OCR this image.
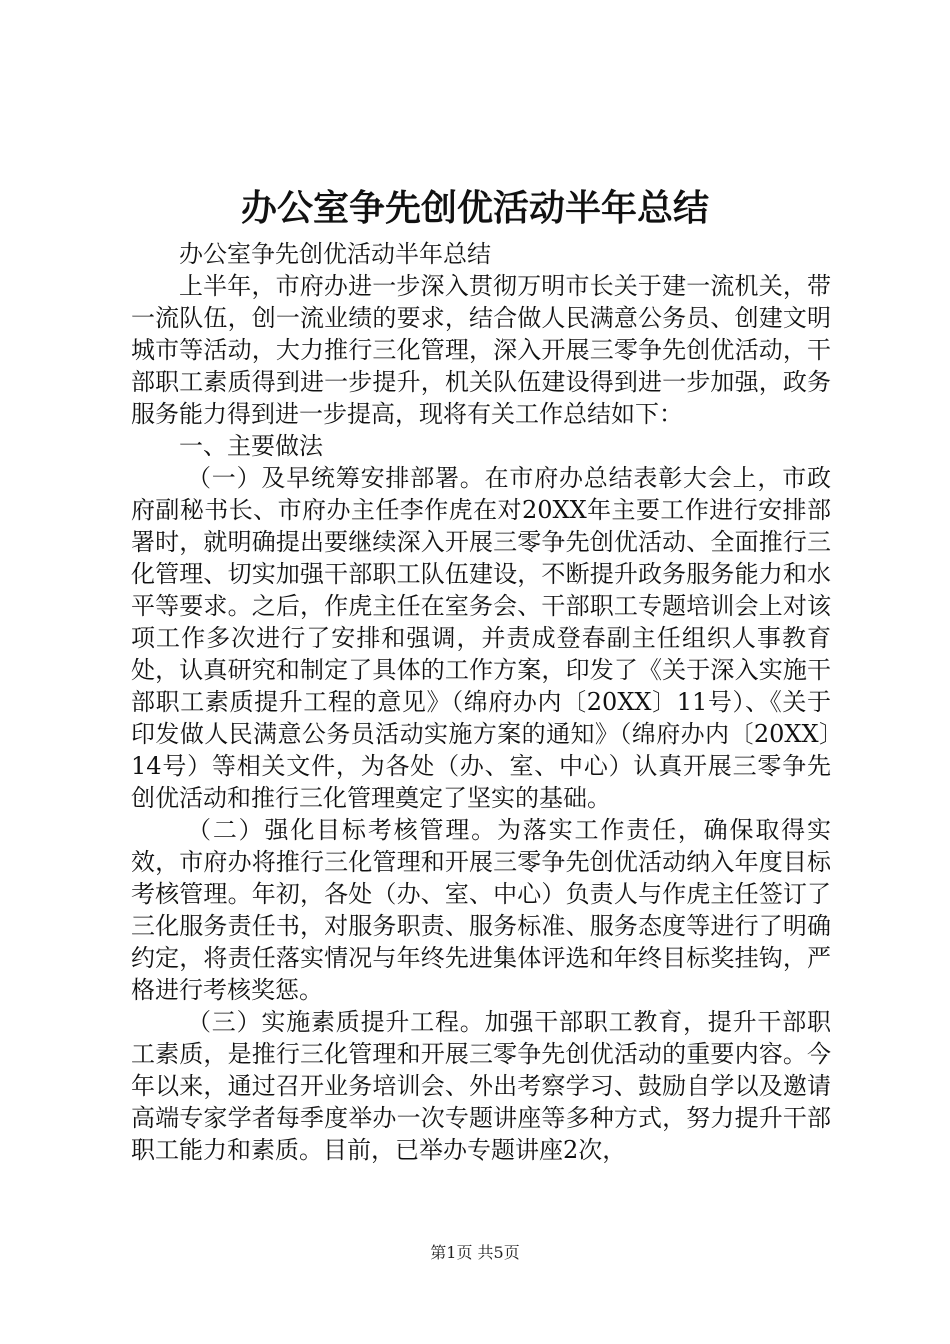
办公室争先创优活动半年总结

办公室争先创优活动半年总结

上半年，市府办进一步深入贯彻万明市长关于建一流机关，带一流队伍，创一流业绩的要求，结合做人民满意公务员、创建文明城市等活动，大力推行三化管理，深入开展三零争先创优活动，干部职工素质得到进一步提升，机关队伍建设得到进一步加强，政务服务能力得到进一步提高，现将有关工作总结如下：

一、主要做法

（一）及早统筹安排部署。在市府办总结表彰大会上，市政府副秘书长、市府办主任李作虎在对20XX年主要工作进行安排部署时，就明确提出要继续深入开展三零争先创优活动、全面推行三化管理、切实加强干部职工队伍建设，不断提升政务服务能力和水平等要求。之后，作虎主任在室务会、干部职工专题培训会上对该项工作多次进行了安排和强调，并责成登春副主任组织人事教育处，认真研究和制定了具体的工作方案，印发了《关于深入实施干部职工素质提升工程的意见》（绵府办内〔20XX〕11号）、《关于印发做人民满意公务员活动实施方案的通知》（绵府办内〔20XX〕14号）等相关文件，为各处（办、室、中心）认真开展三零争先创优活动和推行三化管理奠定了坚实的基础。

（二）强化目标考核管理。为落实工作责任，确保取得实效，市府办将推行三化管理和开展三零争先创优活动纳入年度目标考核管理。年初，各处（办、室、中心）负责人与作虎主任签订了三化服务责任书，对服务职责、服务标准、服务态度等进行了明确约定，将责任落实情况与年终先进集体评选和年终目标奖挂钩，严格进行考核奖惩。

（三）实施素质提升工程。加强干部职工教育，提升干部职工素质，是推行三化管理和开展三零争先创优活动的重要内容。今年以来，通过召开业务培训会、外出考察学习、鼓励自学以及邀请高端专家学者每季度举办一次专题讲座等多种方式，努力提升干部职工能力和素质。目前，已举办专题讲座2次，

第1页 共5页
